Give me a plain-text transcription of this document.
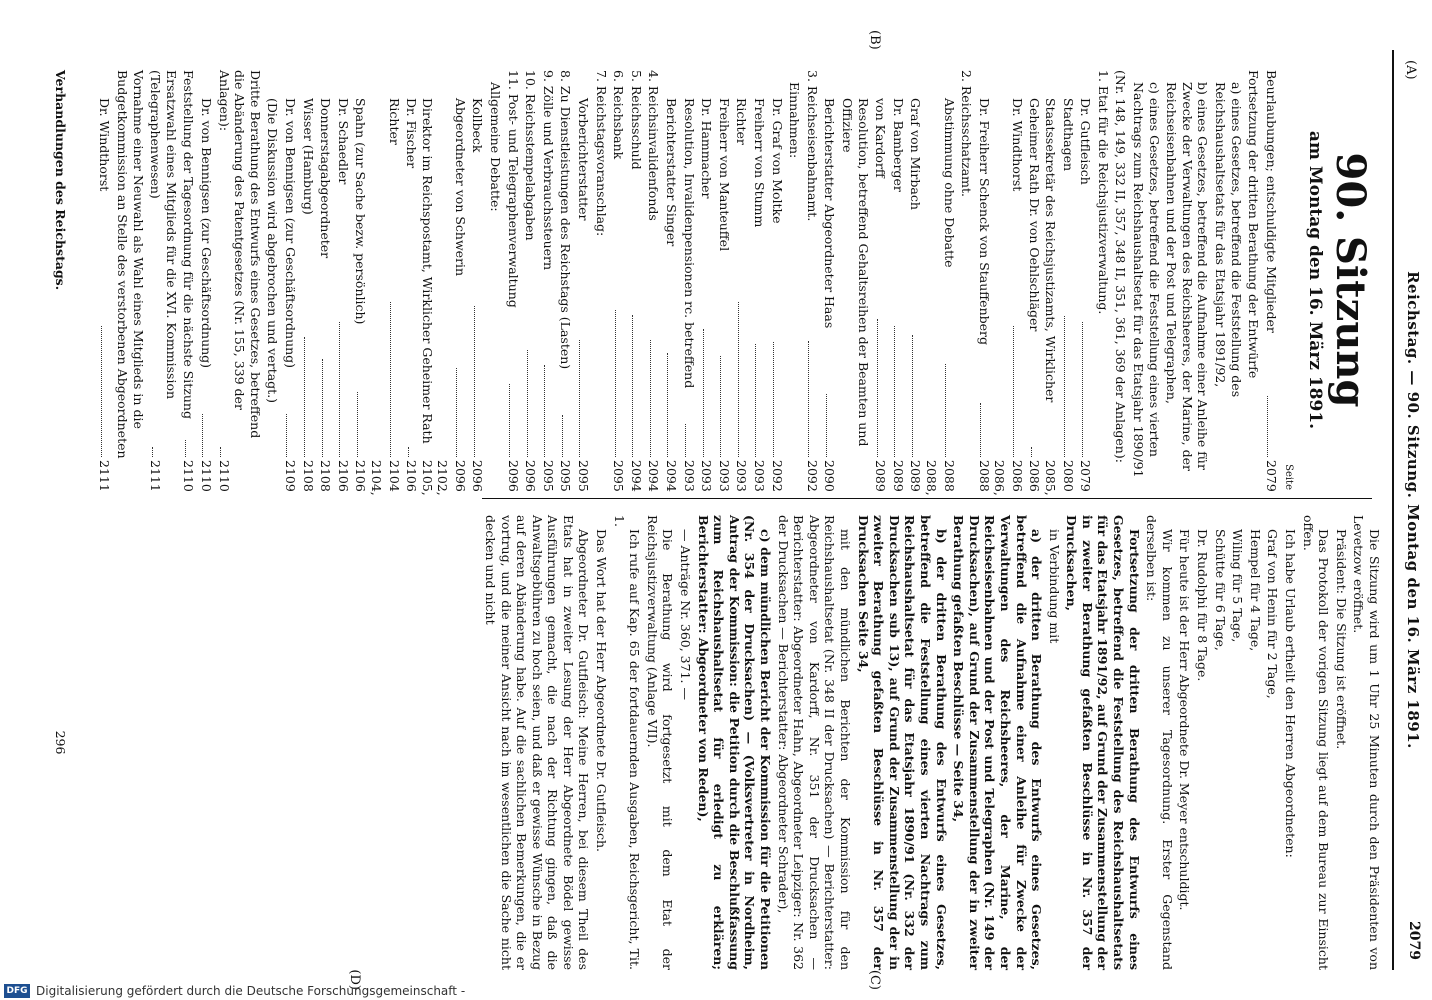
(A)
Reichstag. — 90. Sitzung. Montag den 16. März 1891.
2079
(B)
90. Sitzung
am Montag den 16. März 1891.
Seite
Beurlaubungen; entschuldigte Mitglieder
2079
Fortsetzung der dritten Berathung der Entwürfe
a) eines Gesetzes, betreffend die Feststellung des Reichshaushaltsetats für das Etatsjahr 1891/92,
b) eines Gesetzes, betreffend die Aufnahme einer Anleihe für Zwecke der Verwaltungen des Reichsheeres, der Marine, der Reichseisenbahnen und der Post und Telegraphen,
c) eines Gesetzes, betreffend die Feststellung eines vierten Nachtrags zum Reichshaushaltsetat für das Etatsjahr 1890/91
(Nr. 148, 149, 332 II, 357, 348 II, 351, 361, 369 der Anlagen):
1. Etat für die Reichsjustizverwaltung.
Dr. Gutfleisch
2079
Stadthagen
2080
Staatssekretär des Reichsjustizamts, Wirklicher Geheimer Rath Dr. von Oehlschläger
2085, 2086
Dr. Windthorst
2086
Dr. Freiherr Schenck von Stauffenberg
2086, 2088
2. Reichsschatzamt.
Abstimmung ohne Debatte
2088
Graf von Mirbach
2088, 2089
Dr. Bamberger
2089
von Kardorff
2089
Resolution, betreffend Gehaltsreihen der Beamten und Offiziere
Berichterstatter Abgeordneter Haas
2090
3. Reichseisenbahnamt.
2092
Einnahmen:
Dr. Graf von Moltke
2092
Freiherr von Stumm
2093
Richter
2093
Freiherr von Manteuffel
2093
Dr. Hammacher
2093
Resolution, Invalidenpensionen rc. betreffend
2093
Berichterstatter Singer
2094
4. Reichsinvalidenfonds
2094
5. Reichsschuld
2094
6. Reichsbank
2095
7. Reichstagsvoranschlag:
Vorberichterstatter
2095
8. Zu Dienstleistungen des Reichstags (Lasten)
2095
9. Zölle und Verbrauchssteuern
2095
10. Reichsstempelabgaben
2096
11. Post- und Telegraphenverwaltung
2096
Allgemeine Debatte:
Kollbeck
2096
Abgeordneter von Schwerin
2096
Direktor im Reichspostamt, Wirklicher Geheimer Rath Dr. Fischer
2102, 2105, 2106
Richter
2104
Spahn (zur Sache bezw. persönlich)
2104, 2106
Dr. Schaedler
2106
Donnerstagabgeordneter
2108
Wisser (Hamburg)
2108
Dr. von Bennigsen (zur Geschäftsordnung)
2109
(Die Diskussion wird abgebrochen und vertagt.)
Dritte Berathung des Entwurfs eines Gesetzes, betreffend die Abänderung des Patentgesetzes (Nr. 155, 339 der Anlagen):
2110
Dr. von Bennigsen (zur Geschäftsordnung)
2110
Feststellung der Tagesordnung für die nächste Sitzung
2110
Ersatzwahl eines Mitglieds für die XVI. Kommission (Telegraphenwesen)
2111
Vornahme einer Neuwahl als Wahl eines Mitglieds in die Budgetkommission an Stelle des verstorbenen Abgeordneten
Dr. Windthorst
2111
Verhandlungen des Reichstags.
(C)
(D)

Die Sitzung wird um 1 Uhr 25 Minuten durch den Präsidenten von Levetzow eröffnet.

Präsident: Die Sitzung ist eröffnet.

Das Protokoll der vorigen Sitzung liegt auf dem Bureau zur Einsicht offen.

Ich habe Urlaub ertheilt den Herren Abgeordneten:

Graf von Henin für 2 Tage,

Hempel für 4 Tage,

Wiling für 5 Tage,

Schütte für 6 Tage,

Dr. Rudolphi für 8 Tage.

Für heute ist der Herr Abgeordnete Dr. Meyer entschuldigt.

Wir kommen zu unserer Tagesordnung. Erster Gegenstand derselben ist:

Fortsetzung der dritten Berathung des Entwurfs eines Gesetzes, betreffend die Feststellung des Reichshaushaltsetats für das Etatsjahr 1891/92, auf Grund der Zusammenstellung der in zweiter Berathung gefaßten Beschlüsse in Nr. 357 der Drucksachen,

in Verbindung mit

a) der dritten Berathung des Entwurfs eines Gesetzes, betreffend die Aufnahme einer Anleihe für Zwecke der Verwaltungen des Reichsheeres, der Marine, der Reichseisenbahnen und der Post und Telegraphen (Nr. 149 der Drucksachen), auf Grund der Zusammenstellung der in zweiter Berathung gefaßten Beschlüsse — Seite 34,

b) der dritten Berathung des Entwurfs eines Gesetzes, betreffend die Feststellung eines vierten Nachtrags zum Reichshaushaltsetat für das Etatsjahr 1890/91 (Nr. 332 der Drucksachen sub 13), auf Grund der Zusammenstellung der in zweiter Berathung gefaßten Beschlüsse in Nr. 357 der Drucksachen Seite 34,

mit den mündlichen Berichten der Kommission für den Reichshaushaltsetat (Nr. 348 II der Drucksachen) — Berichterstatter: Abgeordneter von Kardorff, Nr. 351 der Drucksachen — Berichterstatter: Abgeordneter Hahn, Abgeordneter Leipziger: Nr. 362 der Drucksachen — Berichterstatter: Abgeordneter Schrader),

c) dem mündlichen Bericht der Kommission für die Petitionen (Nr. 354 der Drucksachen) — (Volksvertreter in Nordheim, Antrag der Kommission: die Petition durch die Beschlußfassung zum Reichshaushaltsetat für erledigt zu erklären; Berichterstatter: Abgeordneter von Reden),

— Anträge Nr. 360, 371. —

Die Berathung wird fortgesetzt mit dem Etat der Reichsjustizverwaltung (Anlage VII).

Ich rufe auf Kap. 65 der fortdauernden Ausgaben, Reichsgericht, Tit. 1.

Das Wort hat der Herr Abgeordnete Dr. Gutfleisch.

Abgeordneter Dr. Gutfleisch: Meine Herren, bei diesem Theil des Etats hat in zweiter Lesung der Herr Abgeordnete Bödel gewisse Ausführungen gemacht, die nach der Richtung gingen, daß die Anwaltsgebühren zu hoch seien, und daß er gewisse Wünsche in Bezug auf deren Abänderung habe. Auf die sachlichen Bemerkungen, die er vortrug, und die meiner Ansicht nach im wesentlichen die Sache nicht decken und nicht

296
DFG Digitalisierung gefördert durch die Deutsche Forschungsgemeinschaft -
